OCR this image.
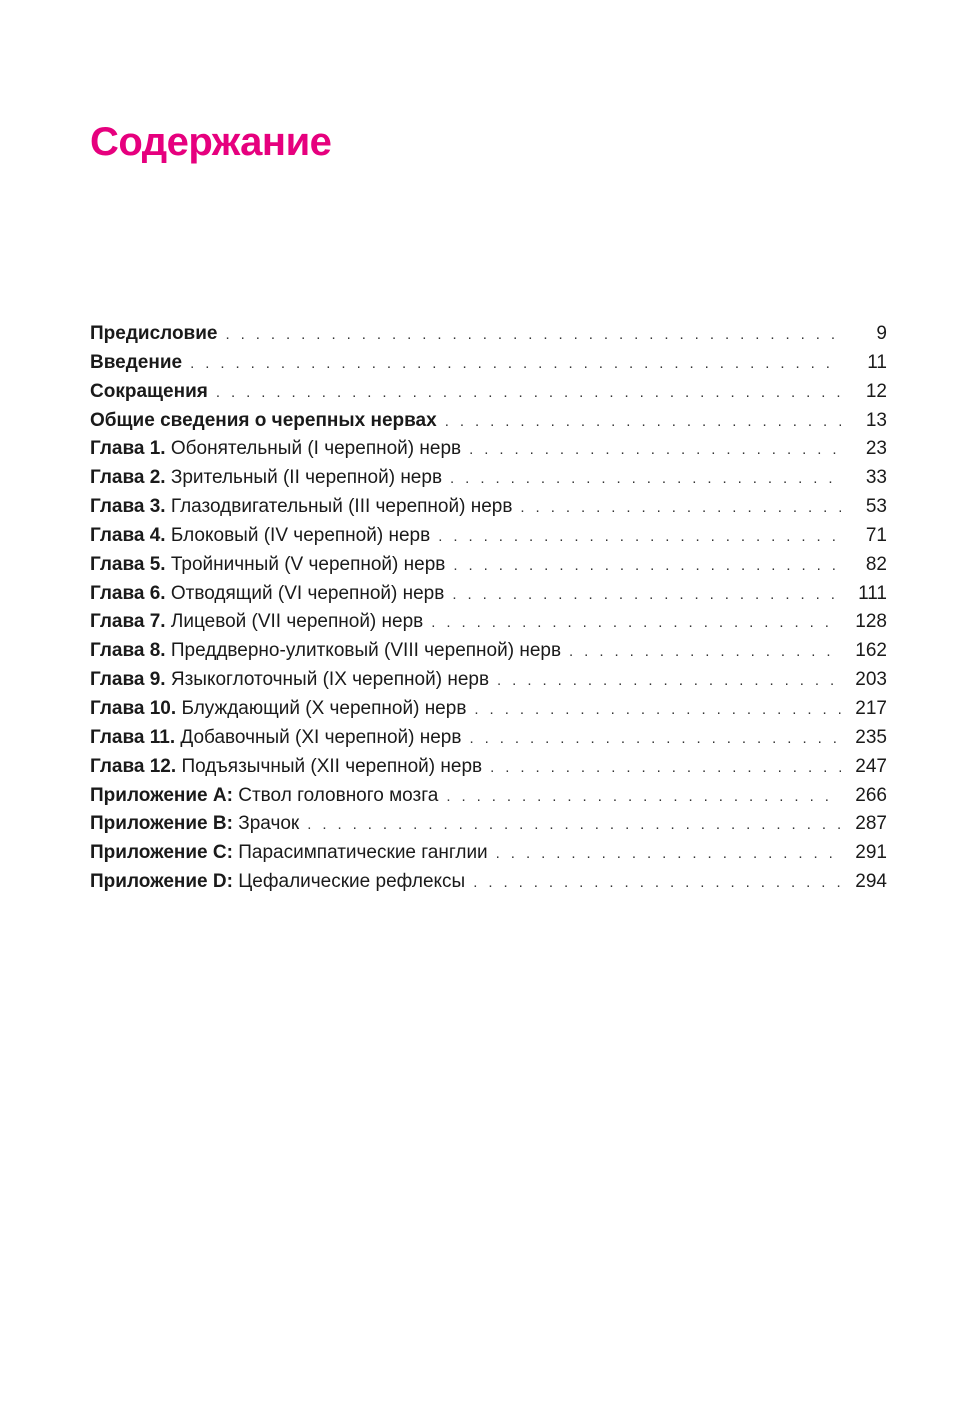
Содержание
Предисловие . . .	9
Введение . . .	11
Сокращения . . .	12
Общие сведения о черепных нервах . . .	13
Глава 1. Обонятельный (I черепной) нерв . . .	23
Глава 2. Зрительный (II черепной) нерв . . .	33
Глава 3. Глазодвигательный (III черепной) нерв . . .	53
Глава 4. Блоковый (IV черепной) нерв . . .	71
Глава 5. Тройничный (V черепной) нерв . . .	82
Глава 6. Отводящий (VI черепной) нерв . . .	111
Глава 7. Лицевой (VII черепной) нерв . . .	128
Глава 8. Преддверно-улитковый (VIII черепной) нерв . . .	162
Глава 9. Языкоглоточный (IX черепной) нерв . . .	203
Глава 10. Блуждающий (X черепной) нерв . . .	217
Глава 11. Добавочный (XI черепной) нерв . . .	235
Глава 12. Подъязычный (XII черепной) нерв . . .	247
Приложение А: Ствол головного мозга . . .	266
Приложение В: Зрачок . . .	287
Приложение С: Парасимпатические ганглии . . .	291
Приложение D: Цефалические рефлексы . . .	294
